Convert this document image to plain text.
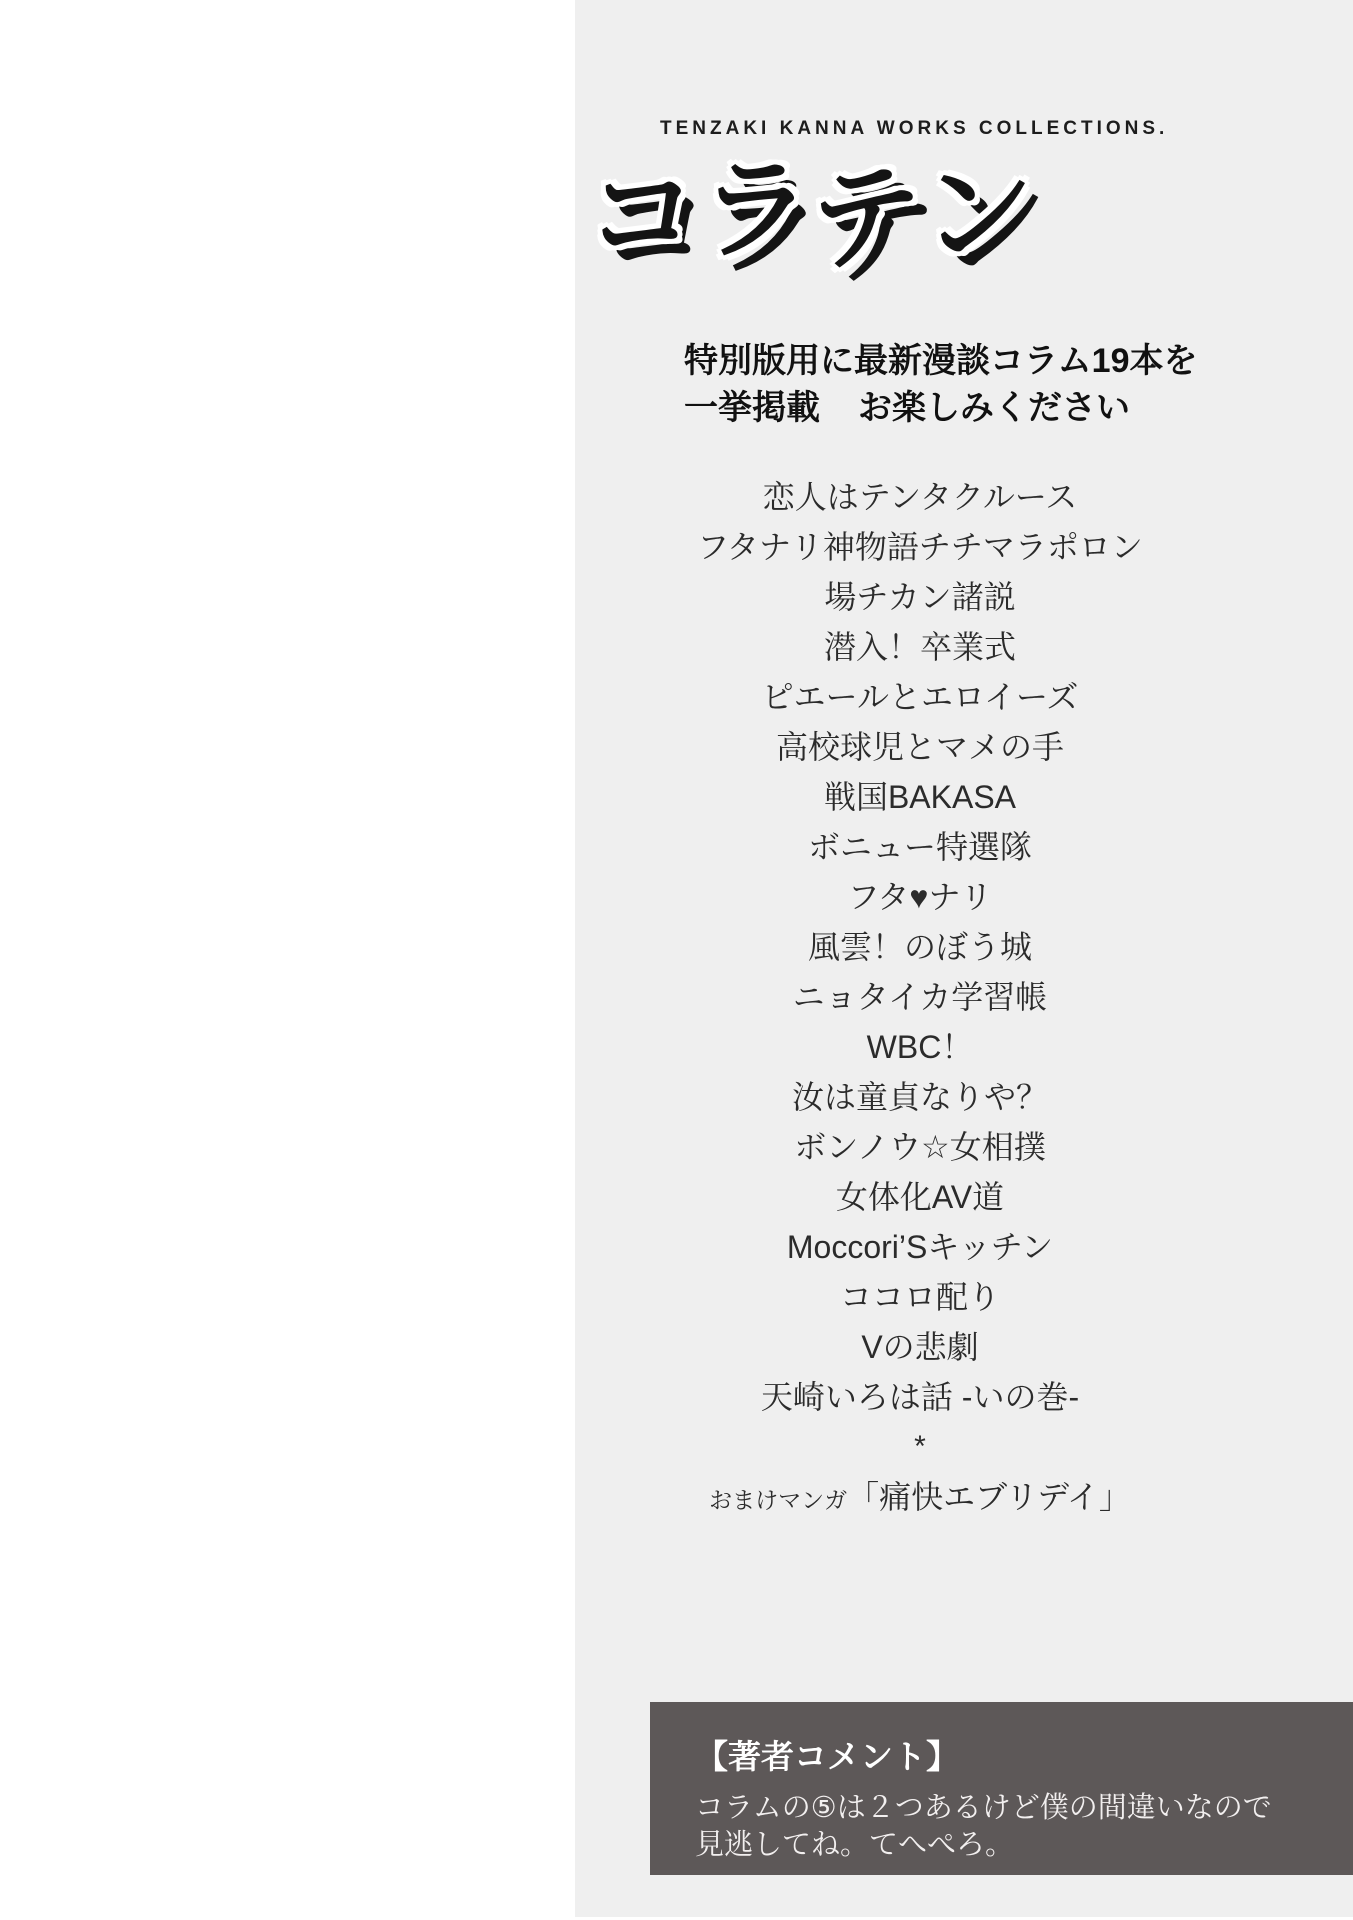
TENZAKI KANNA WORKS COLLECTIONS.
コラテン
特別版用に最新漫談コラム19本を
一挙掲載 お楽しみください
恋人はテンタクルース
フタナリ神物語チチマラポロン
場チカン諸説
潜入！卒業式
ピエールとエロイーズ
高校球児とマメの手
戦国BAKASA
ボニュー特選隊
フタ♥ナリ
風雲！のぼう城
ニョタイカ学習帳
WBC！
汝は童貞なりや？
ボンノウ☆女相撲
女体化AV道
Moccori’Sキッチン
ココロ配り
Vの悲劇
天崎いろは話 -いの巻-
*
おまけマンガ「痛快エブリデイ」
【著者コメント】
コラムの⑤は２つあるけど僕の間違いなので
見逃してね。てへぺろ。
